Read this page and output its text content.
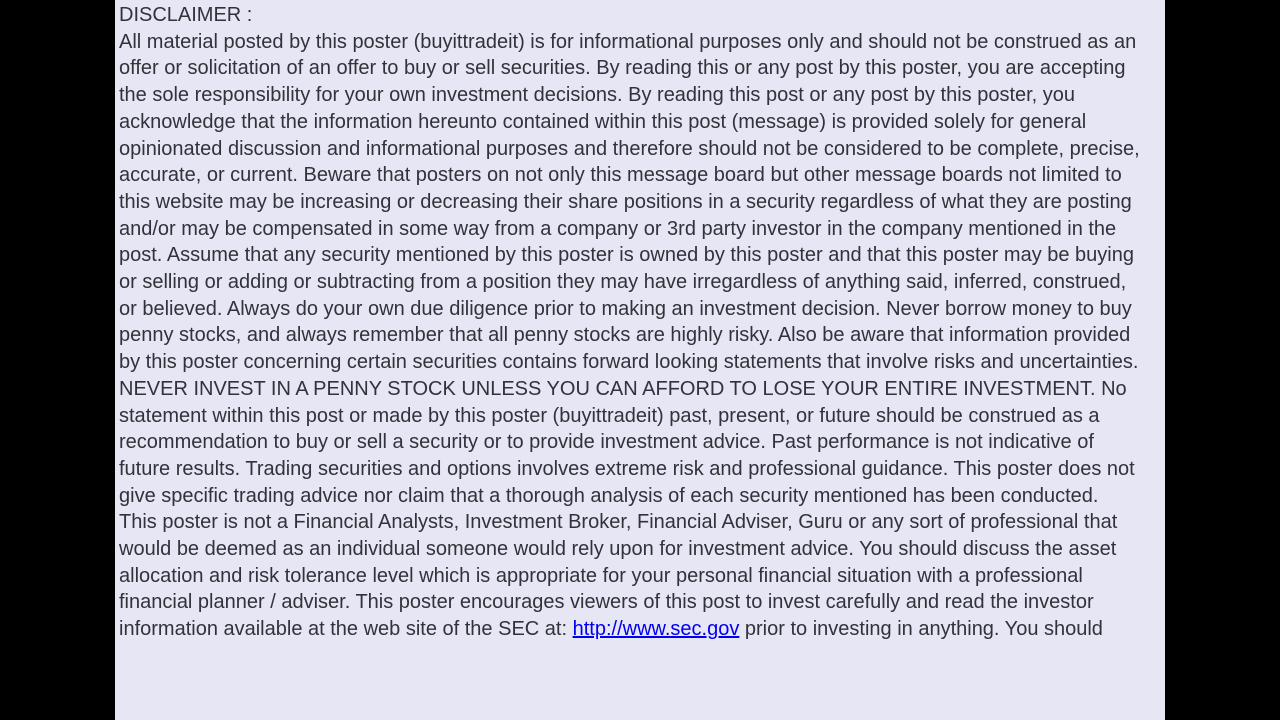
DISCLAIMER :
All material posted by this poster (buyittradeit) is for informational purposes only and should not be construed as an offer or solicitation of an offer to buy or sell securities. By reading this or any post by this poster, you are accepting the sole responsibility for your own investment decisions. By reading this post or any post by this poster, you acknowledge that the information hereunto contained within this post (message) is provided solely for general opinionated discussion and informational purposes and therefore should not be considered to be complete, precise, accurate, or current. Beware that posters on not only this message board but other message boards not limited to this website may be increasing or decreasing their share positions in a security regardless of what they are posting and/or may be compensated in some way from a company or 3rd party investor in the company mentioned in the post. Assume that any security mentioned by this poster is owned by this poster and that this poster may be buying or selling or adding or subtracting from a position they may have irregardless of anything said, inferred, construed, or believed. Always do your own due diligence prior to making an investment decision. Never borrow money to buy penny stocks, and always remember that all penny stocks are highly risky. Also be aware that information provided by this poster concerning certain securities contains forward looking statements that involve risks and uncertainties. NEVER INVEST IN A PENNY STOCK UNLESS YOU CAN AFFORD TO LOSE YOUR ENTIRE INVESTMENT. No statement within this post or made by this poster (buyittradeit) past, present, or future should be construed as a recommendation to buy or sell a security or to provide investment advice. Past performance is not indicative of future results. Trading securities and options involves extreme risk and professional guidance. This poster does not give specific trading advice nor claim that a thorough analysis of each security mentioned has been conducted. This poster is not a Financial Analysts, Investment Broker, Financial Adviser, Guru or any sort of professional that would be deemed as an individual someone would rely upon for investment advice. You should discuss the asset allocation and risk tolerance level which is appropriate for your personal financial situation with a professional financial planner / adviser. This poster encourages viewers of this post to invest carefully and read the investor information available at the web site of the SEC at: http://www.sec.gov prior to investing in anything. You should
